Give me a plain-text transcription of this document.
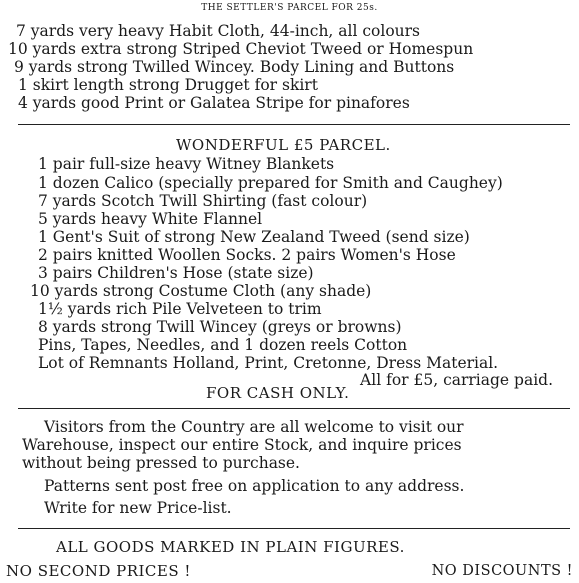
THE SETTLER'S PARCEL FOR 25s.
7 yards very heavy Habit Cloth, 44-inch, all colours
10 yards extra strong Striped Cheviot Tweed or Homespun
9 yards strong Twilled Wincey. Body Lining and Buttons
1 skirt length strong Drugget for skirt
4 yards good Print or Galatea Stripe for pinafores
WONDERFUL £5 PARCEL.
1 pair full-size heavy Witney Blankets
1 dozen Calico (specially prepared for Smith and Caughey)
7 yards Scotch Twill Shirting (fast colour)
5 yards heavy White Flannel
1 Gent's Suit of strong New Zealand Tweed (send size)
2 pairs knitted Woollen Socks. 2 pairs Women's Hose
3 pairs Children's Hose (state size)
10 yards strong Costume Cloth (any shade)
1½ yards rich Pile Velveteen to trim
8 yards strong Twill Wincey (greys or browns)
Pins, Tapes, Needles, and 1 dozen reels Cotton
Lot of Remnants Holland, Print, Cretonne, Dress Material.
All for £5, carriage paid.
FOR CASH ONLY.
Visitors from the Country are all welcome to visit our
Warehouse, inspect our entire Stock, and inquire prices
without being pressed to purchase.
Patterns sent post free on application to any address.
Write for new Price-list.
ALL GOODS MARKED IN PLAIN FIGURES.
NO SECOND PRICES !	NO DISCOUNTS !
